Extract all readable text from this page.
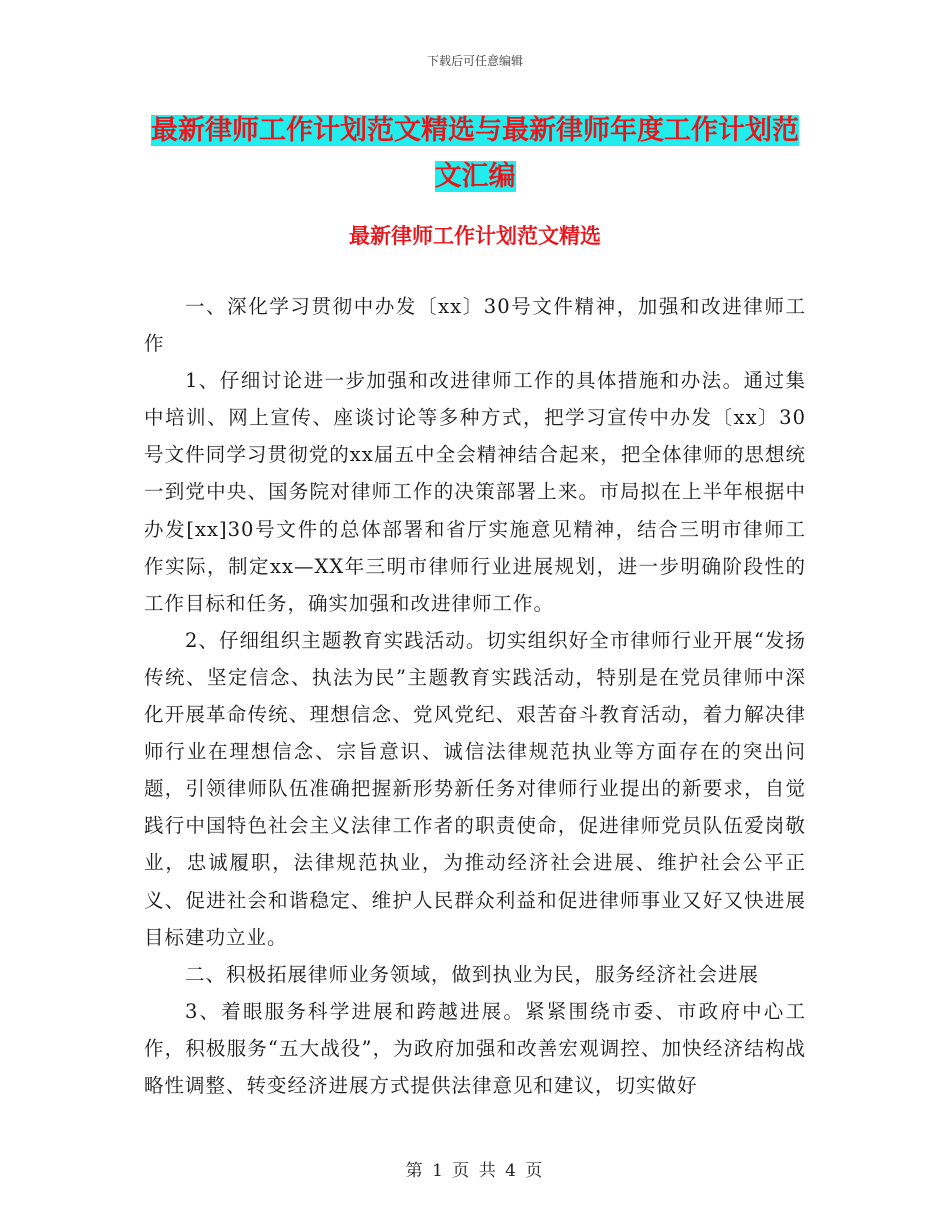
下载后可任意编辑
最新律师工作计划范文精选与最新律师年度工作计划范文汇编
最新律师工作计划范文精选

一、深化学习贯彻中办发〔xx〕30号文件精神，加强和改进律师工作

1、仔细讨论进一步加强和改进律师工作的具体措施和办法。通过集中培训、网上宣传、座谈讨论等多种方式，把学习宣传中办发〔xx〕30号文件同学习贯彻党的xx届五中全会精神结合起来，把全体律师的思想统一到党中央、国务院对律师工作的决策部署上来。市局拟在上半年根据中办发[xx]30号文件的总体部署和省厅实施意见精神，结合三明市律师工作实际，制定xx—XX年三明市律师行业进展规划，进一步明确阶段性的工作目标和任务，确实加强和改进律师工作。

2、仔细组织主题教育实践活动。切实组织好全市律师行业开展“发扬传统、坚定信念、执法为民”主题教育实践活动，特别是在党员律师中深化开展革命传统、理想信念、党风党纪、艰苦奋斗教育活动，着力解决律师行业在理想信念、宗旨意识、诚信法律规范执业等方面存在的突出问题，引领律师队伍准确把握新形势新任务对律师行业提出的新要求，自觉践行中国特色社会主义法律工作者的职责使命，促进律师党员队伍爱岗敬业，忠诚履职，法律规范执业，为推动经济社会进展、维护社会公平正义、促进社会和谐稳定、维护人民群众利益和促进律师事业又好又快进展目标建功立业。

二、积极拓展律师业务领域，做到执业为民，服务经济社会进展

3、着眼服务科学进展和跨越进展。紧紧围绕市委、市政府中心工作，积极服务“五大战役”，为政府加强和改善宏观调控、加快经济结构战略性调整、转变经济进展方式提供法律意见和建议，切实做好

第 1 页 共 4 页
